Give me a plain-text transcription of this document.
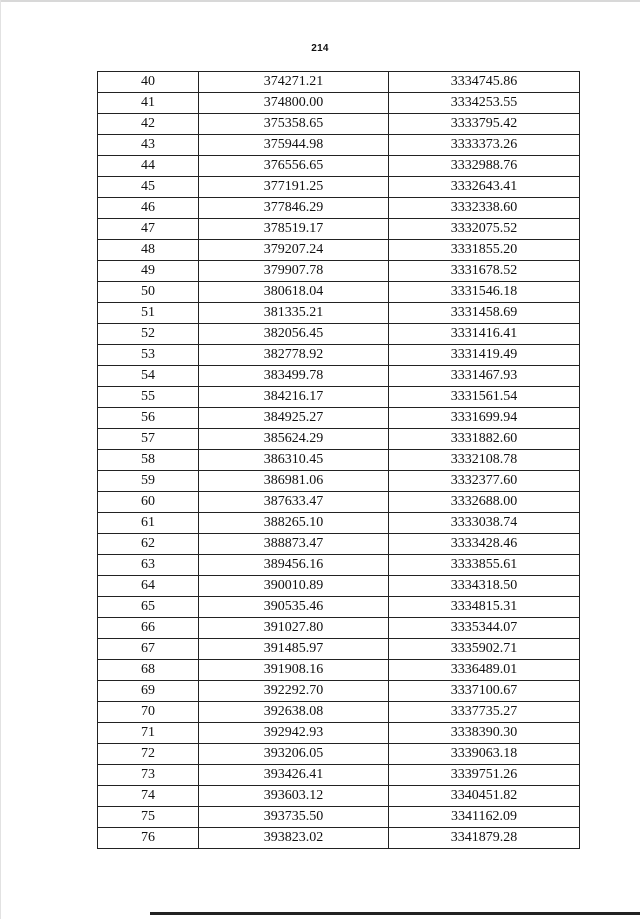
214
40	374271.21	3334745.86
41	374800.00	3334253.55
42	375358.65	3333795.42
43	375944.98	3333373.26
44	376556.65	3332988.76
45	377191.25	3332643.41
46	377846.29	3332338.60
47	378519.17	3332075.52
48	379207.24	3331855.20
49	379907.78	3331678.52
50	380618.04	3331546.18
51	381335.21	3331458.69
52	382056.45	3331416.41
53	382778.92	3331419.49
54	383499.78	3331467.93
55	384216.17	3331561.54
56	384925.27	3331699.94
57	385624.29	3331882.60
58	386310.45	3332108.78
59	386981.06	3332377.60
60	387633.47	3332688.00
61	388265.10	3333038.74
62	388873.47	3333428.46
63	389456.16	3333855.61
64	390010.89	3334318.50
65	390535.46	3334815.31
66	391027.80	3335344.07
67	391485.97	3335902.71
68	391908.16	3336489.01
69	392292.70	3337100.67
70	392638.08	3337735.27
71	392942.93	3338390.30
72	393206.05	3339063.18
73	393426.41	3339751.26
74	393603.12	3340451.82
75	393735.50	3341162.09
76	393823.02	3341879.28
